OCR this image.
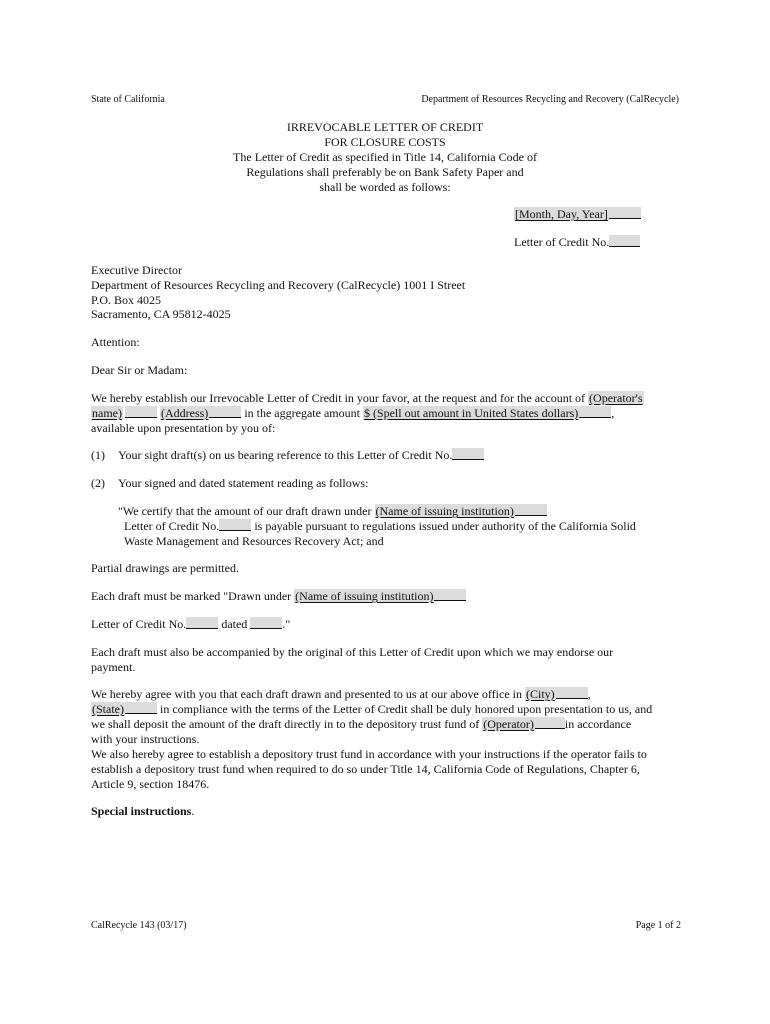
State of California	Department of Resources Recycling and Recovery (CalRecycle)
IRREVOCABLE LETTER OF CREDIT
FOR CLOSURE COSTS
The Letter of Credit as specified in Title 14, California Code of
Regulations shall preferably be on Bank Safety Paper and
shall be worded as follows:
[Month, Day, Year]
Letter of Credit No.
Executive Director
Department of Resources Recycling and Recovery (CalRecycle) 1001 I Street
P.O. Box 4025
Sacramento, CA 95812-4025
Attention:
Dear Sir or Madam:
We hereby establish our Irrevocable Letter of Credit in your favor, at the request and for the account of (Operator's
name)	(Address)	in the aggregate amount $ (Spell out amount in United States dollars)	,
available upon presentation by you of:
(1) Your sight draft(s) on us bearing reference to this Letter of Credit No.
(2) Your signed and dated statement reading as follows:
"We certify that the amount of our draft drawn under (Name of issuing institution)
Letter of Credit No.	is payable pursuant to regulations issued under authority of the California Solid
Waste Management and Resources Recovery Act; and
Partial drawings are permitted.
Each draft must be marked "Drawn under (Name of issuing institution)
Letter of Credit No.	dated	."
Each draft must also be accompanied by the original of this Letter of Credit upon which we may endorse our
payment.
We hereby agree with you that each draft drawn and presented to us at our above office in (City)	,
(State)	in compliance with the terms of the Letter of Credit shall be duly honored upon presentation to us, and
we shall deposit the amount of the draft directly in to the depository trust fund of (Operator)	in accordance
with your instructions.
We also hereby agree to establish a depository trust fund in accordance with your instructions if the operator fails to
establish a depository trust fund when required to do so under Title 14, California Code of Regulations, Chapter 6,
Article 9, section 18476.
Special instructions.
CalRecycle 143 (03/17)	Page 1 of 2
